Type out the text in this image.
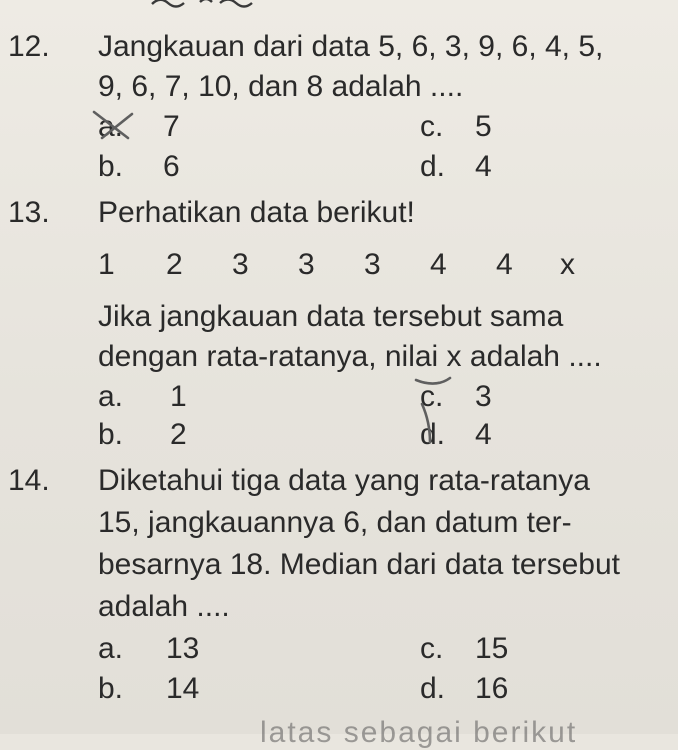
12. Jangkauan dari data 5, 6, 3, 9, 6, 4, 5,
9, 6, 7, 10, dan 8 adalah ....
a. 7	c. 5
b. 6	d. 4
13. Perhatikan data berikut!
1 2 3 3 3 4 4 x
Jika jangkauan data tersebut sama
dengan rata-ratanya, nilai x adalah ....
a. 1	c. 3
b. 2	d. 4
14. Diketahui tiga data yang rata-ratanya
15, jangkauannya 6, dan datum ter-
besarnya 18. Median dari data tersebut
adalah ....
a. 13	c. 15
b. 14	d. 16
latas sebagai berikut
